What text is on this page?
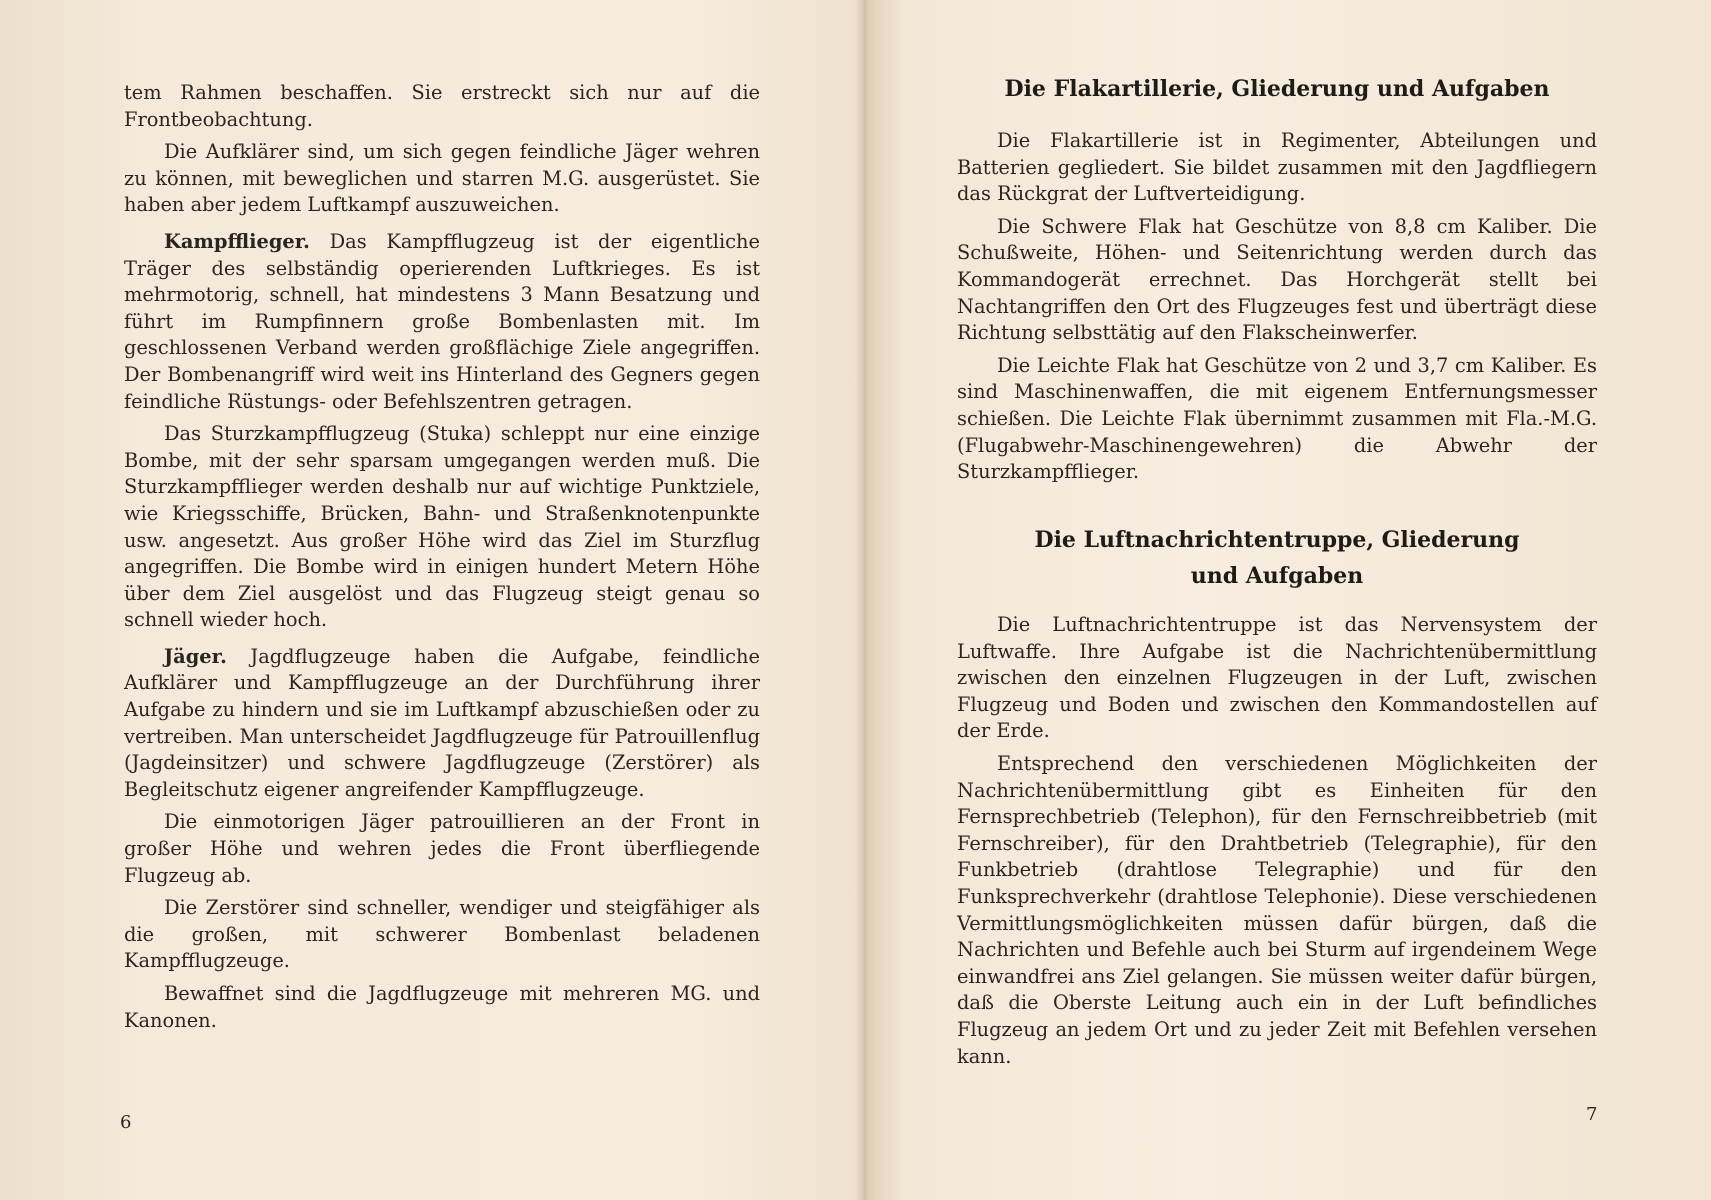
tem Rahmen beschaffen. Sie erstreckt sich nur auf die Frontbeobachtung.

Die Aufklärer sind, um sich gegen feindliche Jäger wehren zu können, mit beweglichen und starren M.G. ausgerüstet. Sie haben aber jedem Luftkampf auszuweichen.

Kampfflieger. Das Kampfflugzeug ist der eigentliche Träger des selbständig operierenden Luftkrieges. Es ist mehrmotorig, schnell, hat mindestens 3 Mann Besatzung und führt im Rumpfinnern große Bombenlasten mit. Im geschlossenen Verband werden großflächige Ziele angegriffen. Der Bombenangriff wird weit ins Hinterland des Gegners gegen feindliche Rüstungs- oder Befehlszentren getragen.

Das Sturzkampfflugzeug (Stuka) schleppt nur eine einzige Bombe, mit der sehr sparsam umgegangen werden muß. Die Sturzkampfflieger werden deshalb nur auf wichtige Punktziele, wie Kriegsschiffe, Brücken, Bahn- und Straßenknotenpunkte usw. angesetzt. Aus großer Höhe wird das Ziel im Sturzflug angegriffen. Die Bombe wird in einigen hundert Metern Höhe über dem Ziel ausgelöst und das Flugzeug steigt genau so schnell wieder hoch.

Jäger. Jagdflugzeuge haben die Aufgabe, feindliche Aufklärer und Kampfflugzeuge an der Durchführung ihrer Aufgabe zu hindern und sie im Luftkampf abzuschießen oder zu vertreiben. Man unterscheidet Jagdflugzeuge für Patrouillenflug (Jagdeinsitzer) und schwere Jagdflugzeuge (Zerstörer) als Begleitschutz eigener angreifender Kampfflugzeuge.

Die einmotorigen Jäger patrouillieren an der Front in großer Höhe und wehren jedes die Front überfliegende Flugzeug ab.

Die Zerstörer sind schneller, wendiger und steigfähiger als die großen, mit schwerer Bombenlast beladenen Kampfflugzeuge.

Bewaffnet sind die Jagdflugzeuge mit mehreren MG. und Kanonen.

6
Die Flakartillerie, Gliederung und Aufgaben

Die Flakartillerie ist in Regimenter, Abteilungen und Batterien gegliedert. Sie bildet zusammen mit den Jagdfliegern das Rückgrat der Luftverteidigung.

Die Schwere Flak hat Geschütze von 8,8 cm Kaliber. Die Schußweite, Höhen- und Seitenrichtung werden durch das Kommandogerät errechnet. Das Horchgerät stellt bei Nachtangriffen den Ort des Flugzeuges fest und überträgt diese Richtung selbsttätig auf den Flakscheinwerfer.

Die Leichte Flak hat Geschütze von 2 und 3,7 cm Kaliber. Es sind Maschinenwaffen, die mit eigenem Entfernungsmesser schießen. Die Leichte Flak übernimmt zusammen mit Fla.-M.G. (Flugabwehr-Maschinengewehren) die Abwehr der Sturzkampfflieger.

Die Luftnachrichtentruppe, Gliederung
und Aufgaben

Die Luftnachrichtentruppe ist das Nervensystem der Luftwaffe. Ihre Aufgabe ist die Nachrichtenübermittlung zwischen den einzelnen Flugzeugen in der Luft, zwischen Flugzeug und Boden und zwischen den Kommandostellen auf der Erde.

Entsprechend den verschiedenen Möglichkeiten der Nachrichtenübermittlung gibt es Einheiten für den Fernsprechbetrieb (Telephon), für den Fernschreibbetrieb (mit Fernschreiber), für den Drahtbetrieb (Telegraphie), für den Funkbetrieb (drahtlose Telegraphie) und für den Funksprechverkehr (drahtlose Telephonie). Diese verschiedenen Vermittlungsmöglichkeiten müssen dafür bürgen, daß die Nachrichten und Befehle auch bei Sturm auf irgendeinem Wege einwandfrei ans Ziel gelangen. Sie müssen weiter dafür bürgen, daß die Oberste Leitung auch ein in der Luft befindliches Flugzeug an jedem Ort und zu jeder Zeit mit Befehlen versehen kann.

7
